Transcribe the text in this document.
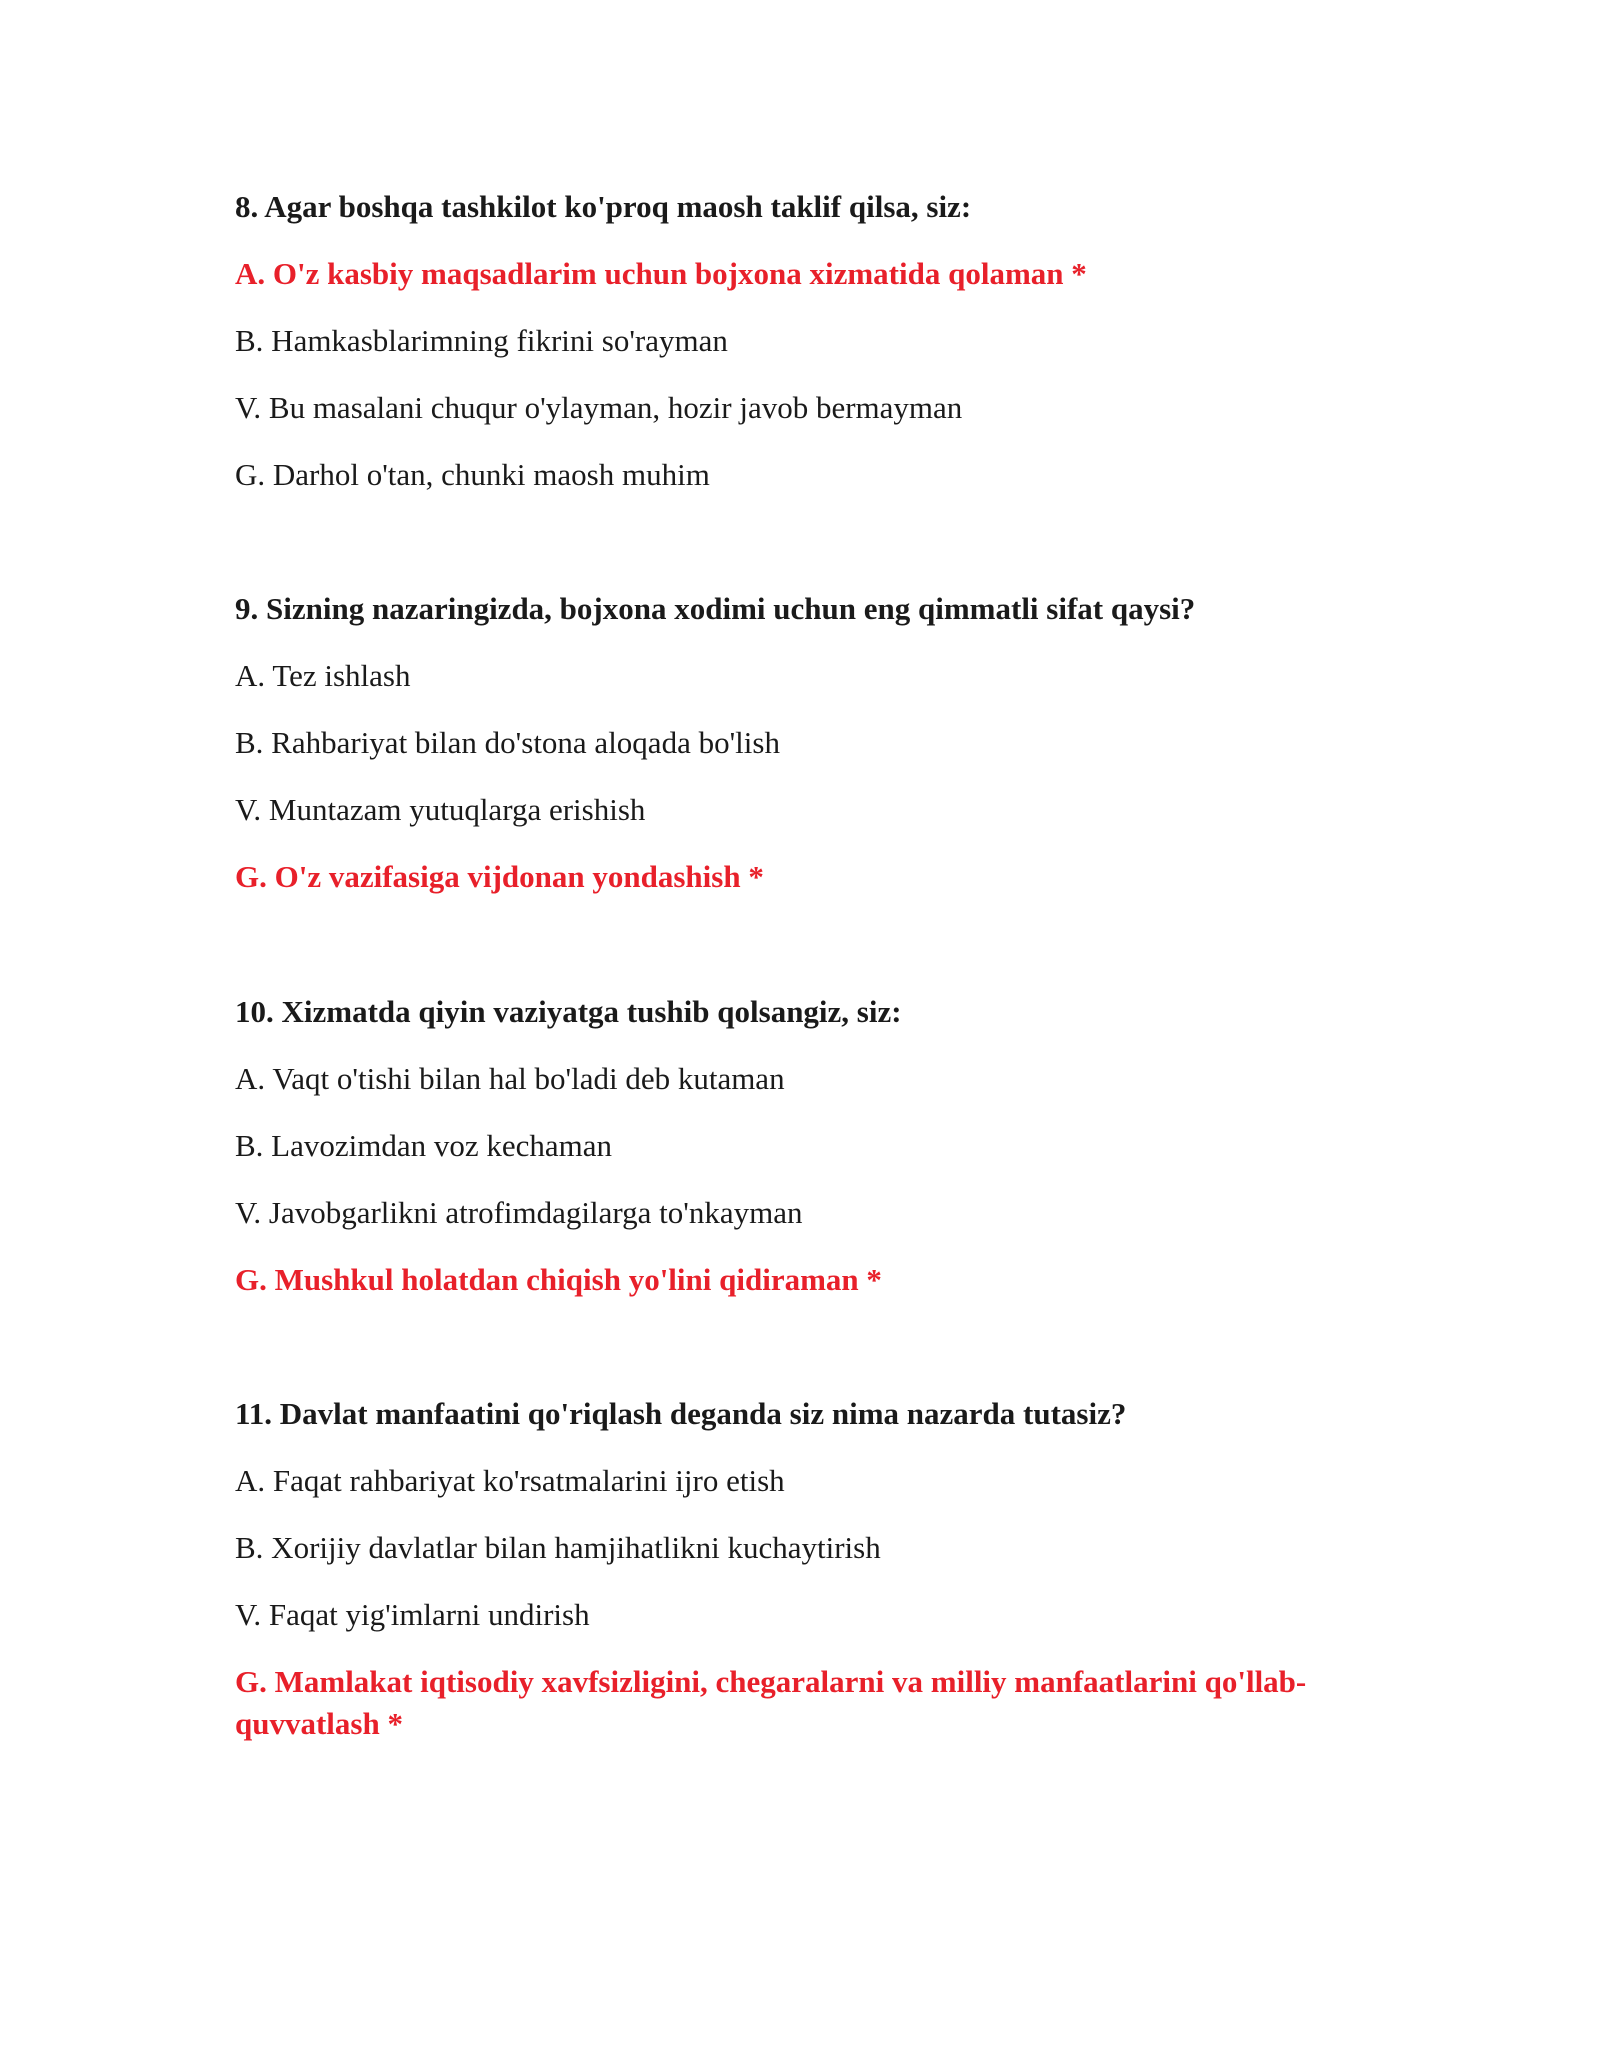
8. Agar boshqa tashkilot ko'proq maosh taklif qilsa, siz:

A. O'z kasbiy maqsadlarim uchun bojxona xizmatida qolaman *

B. Hamkasblarimning fikrini so'rayman

V. Bu masalani chuqur o'ylayman, hozir javob bermayman

G. Darhol o'tan, chunki maosh muhim

9. Sizning nazaringizda, bojxona xodimi uchun eng qimmatli sifat qaysi?

A. Tez ishlash

B. Rahbariyat bilan do'stona aloqada bo'lish

V. Muntazam yutuqlarga erishish

G. O'z vazifasiga vijdonan yondashish *

10. Xizmatda qiyin vaziyatga tushib qolsangiz, siz:

A. Vaqt o'tishi bilan hal bo'ladi deb kutaman

B. Lavozimdan voz kechaman

V. Javobgarlikni atrofimdagilarga to'nkayman

G. Mushkul holatdan chiqish yo'lini qidiraman *

11. Davlat manfaatini qo'riqlash deganda siz nima nazarda tutasiz?

A. Faqat rahbariyat ko'rsatmalarini ijro etish

B. Xorijiy davlatlar bilan hamjihatlikni kuchaytirish

V. Faqat yig'imlarni undirish

G. Mamlakat iqtisodiy xavfsizligini, chegaralarni va milliy manfaatlarini qo'llab-quvvatlash *
